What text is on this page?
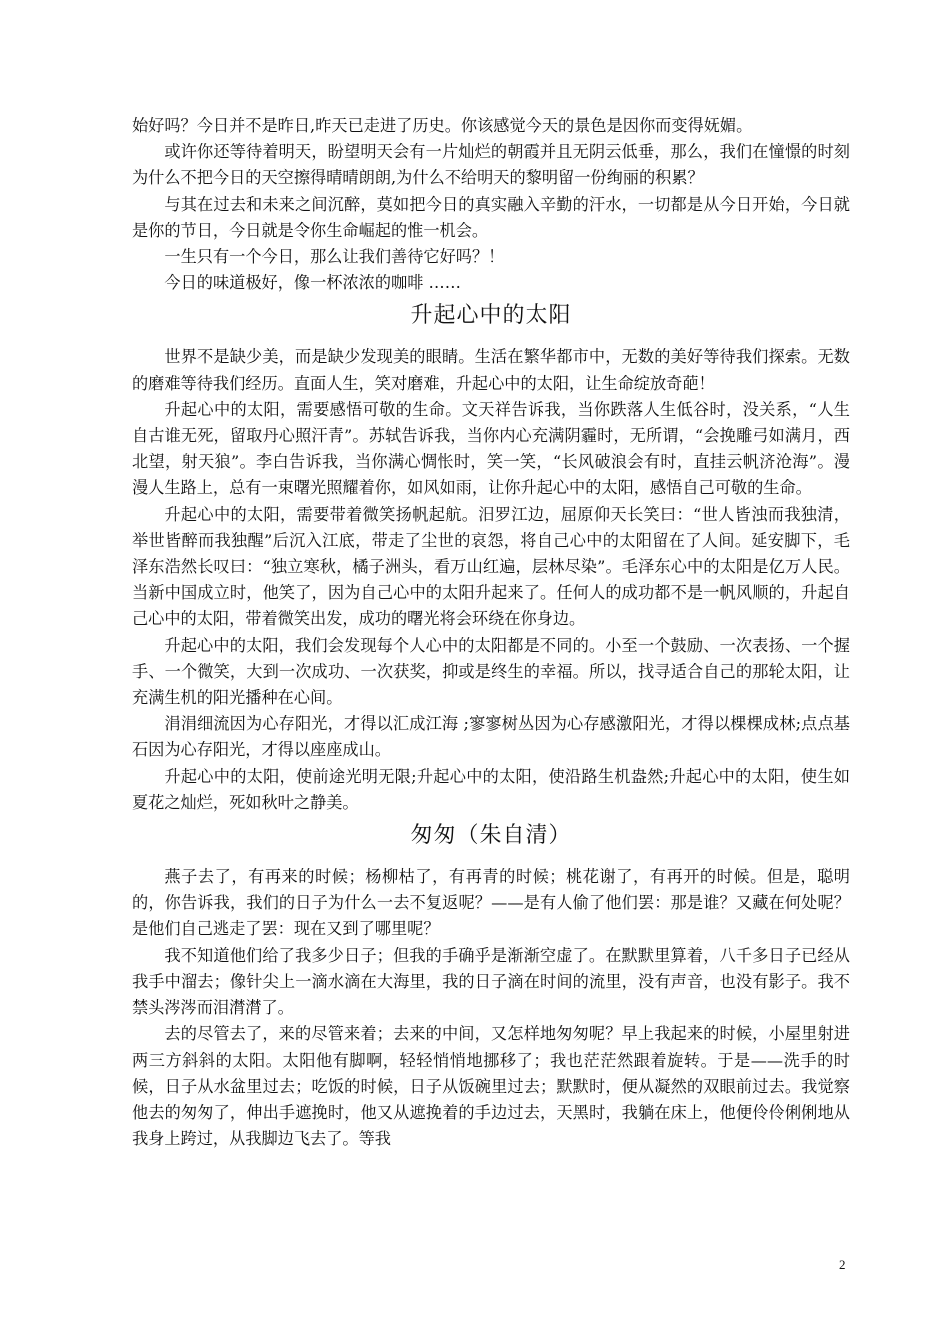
始好吗？今日并不是昨日,昨天已走进了历史。你该感觉今天的景色是因你而变得妩媚。

或许你还等待着明天，盼望明天会有一片灿烂的朝霞并且无阴云低垂，那么，我们在憧憬的时刻为什么不把今日的天空擦得晴晴朗朗,为什么不给明天的黎明留一份绚丽的积累？

与其在过去和未来之间沉醉，莫如把今日的真实融入辛勤的汗水，一切都是从今日开始，今日就是你的节日，今日就是令你生命崛起的惟一机会。

一生只有一个今日，那么让我们善待它好吗？！

今日的味道极好，像一杯浓浓的咖啡 ……

升起心中的太阳

世界不是缺少美，而是缺少发现美的眼睛。生活在繁华都市中，无数的美好等待我们探索。无数的磨难等待我们经历。直面人生，笑对磨难，升起心中的太阳，让生命绽放奇葩！

升起心中的太阳，需要感悟可敬的生命。文天祥告诉我，当你跌落人生低谷时，没关系，“人生自古谁无死，留取丹心照汗青”。苏轼告诉我，当你内心充满阴霾时，无所谓，“会挽雕弓如满月，西北望，射天狼”。李白告诉我，当你满心惆怅时，笑一笑，“长风破浪会有时，直挂云帆济沧海”。漫漫人生路上，总有一束曙光照耀着你，如风如雨，让你升起心中的太阳，感悟自己可敬的生命。

升起心中的太阳，需要带着微笑扬帆起航。汨罗江边，屈原仰天长笑曰：“世人皆浊而我独清，举世皆醉而我独醒”后沉入江底，带走了尘世的哀怨，将自己心中的太阳留在了人间。延安脚下，毛泽东浩然长叹曰：“独立寒秋，橘子洲头，看万山红遍，层林尽染”。毛泽东心中的太阳是亿万人民。当新中国成立时，他笑了，因为自己心中的太阳升起来了。任何人的成功都不是一帆风顺的，升起自己心中的太阳，带着微笑出发，成功的曙光将会环绕在你身边。

升起心中的太阳，我们会发现每个人心中的太阳都是不同的。小至一个鼓励、一次表扬、一个握手、一个微笑，大到一次成功、一次获奖，抑或是终生的幸福。所以，找寻适合自己的那轮太阳，让充满生机的阳光播种在心间。

涓涓细流因为心存阳光，才得以汇成江海 ;寥寥树丛因为心存感激阳光，才得以棵棵成林;点点基石因为心存阳光，才得以座座成山。

升起心中的太阳，使前途光明无限;升起心中的太阳，使沿路生机盎然;升起心中的太阳，使生如夏花之灿烂，死如秋叶之静美。

匆匆（朱自清）

燕子去了，有再来的时候；杨柳枯了，有再青的时候；桃花谢了，有再开的时候。但是，聪明的，你告诉我，我们的日子为什么一去不复返呢？——是有人偷了他们罢：那是谁？又藏在何处呢？是他们自己逃走了罢：现在又到了哪里呢？

我不知道他们给了我多少日子；但我的手确乎是渐渐空虚了。在默默里算着，八千多日子已经从我手中溜去；像针尖上一滴水滴在大海里，我的日子滴在时间的流里，没有声音，也没有影子。我不禁头涔涔而泪潸潸了。

去的尽管去了，来的尽管来着；去来的中间，又怎样地匆匆呢？早上我起来的时候，小屋里射进两三方斜斜的太阳。太阳他有脚啊，轻轻悄悄地挪移了；我也茫茫然跟着旋转。于是——洗手的时候，日子从水盆里过去；吃饭的时候，日子从饭碗里过去；默默时，便从凝然的双眼前过去。我觉察他去的匆匆了，伸出手遮挽时，他又从遮挽着的手边过去，天黑时，我躺在床上，他便伶伶俐俐地从我身上跨过，从我脚边飞去了。等我

2
